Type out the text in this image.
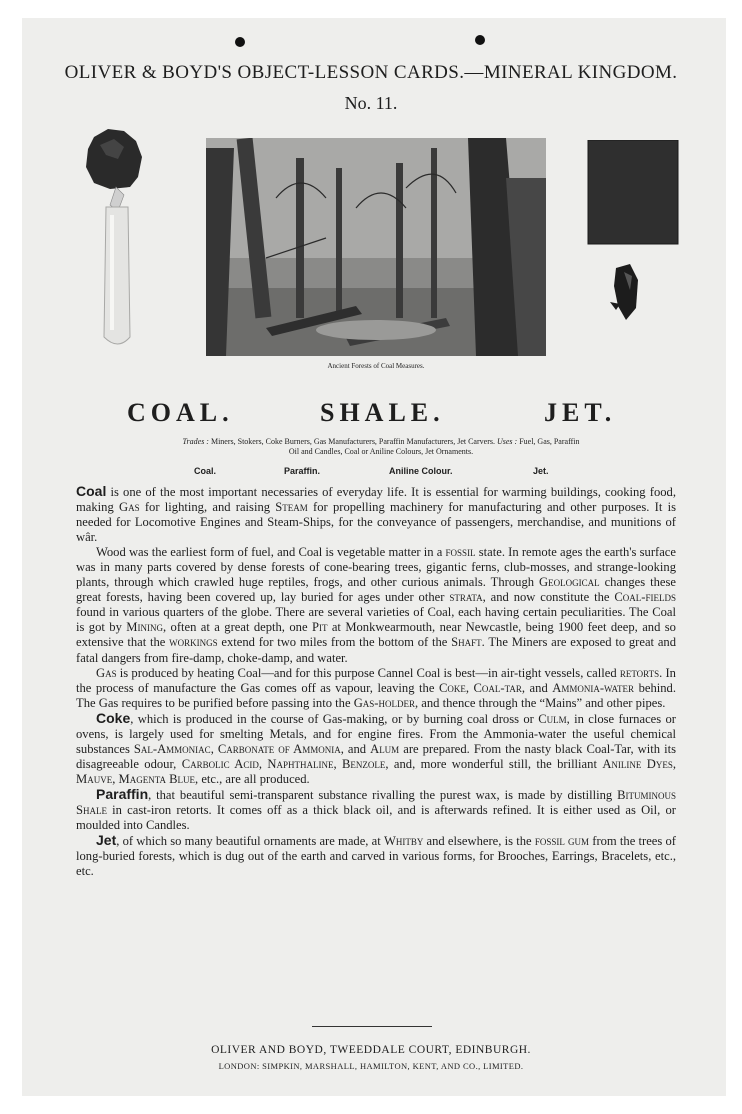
OLIVER & BOYD'S OBJECT-LESSON CARDS.—MINERAL KINGDOM.
No. 11.
Ancient Forests of Coal Measures.
COAL.	SHALE.	JET.
Trades : Miners, Stokers, Coke Burners, Gas Manufacturers, Paraffin Manufacturers, Jet Carvers. Uses : Fuel, Gas, Paraffin
Oil and Candles, Coal or Aniline Colours, Jet Ornaments.
Coal.	Paraffin.	Aniline Colour.	Jet.

Coal is one of the most important necessaries of everyday life. It is essential for warming buildings, cooking food, making Gas for lighting, and raising Steam for propelling machinery for manufacturing and other purposes. It is needed for Locomotive Engines and Steam-Ships, for the conveyance of passengers, merchandise, and munitions of wâr.

Wood was the earliest form of fuel, and Coal is vegetable matter in a fossil state. In remote ages the earth's surface was in many parts covered by dense forests of cone-bearing trees, gigantic ferns, club-mosses, and strange-looking plants, through which crawled huge reptiles, frogs, and other curious animals. Through Geological changes these great forests, having been covered up, lay buried for ages under other strata, and now constitute the Coal-fields found in various quarters of the globe. There are several varieties of Coal, each having certain peculiarities. The Coal is got by Mining, often at a great depth, one Pit at Monkwearmouth, near Newcastle, being 1900 feet deep, and so extensive that the workings extend for two miles from the bottom of the Shaft. The Miners are exposed to great and fatal dangers from fire-damp, choke-damp, and water.

Gas is produced by heating Coal—and for this purpose Cannel Coal is best—in air-tight vessels, called retorts. In the process of manufacture the Gas comes off as vapour, leaving the Coke, Coal-tar, and Ammonia-water behind. The Gas requires to be purified before passing into the Gas-holder, and thence through the “Mains” and other pipes.

Coke, which is produced in the course of Gas-making, or by burning coal dross or Culm, in close furnaces or ovens, is largely used for smelting Metals, and for engine fires. From the Ammonia-water the useful chemical substances Sal-Ammoniac, Carbonate of Ammonia, and Alum are prepared. From the nasty black Coal-Tar, with its disagreeable odour, Carbolic Acid, Naphthaline, Benzole, and, more wonderful still, the brilliant Aniline Dyes, Mauve, Magenta Blue, etc., are all produced.

Paraffin, that beautiful semi-transparent substance rivalling the purest wax, is made by distilling Bituminous Shale in cast-iron retorts. It comes off as a thick black oil, and is afterwards refined. It is either used as Oil, or moulded into Candles.

Jet, of which so many beautiful ornaments are made, at Whitby and elsewhere, is the fossil gum from the trees of long-buried forests, which is dug out of the earth and carved in various forms, for Brooches, Earrings, Bracelets, etc., etc.

OLIVER AND BOYD, TWEEDDALE COURT, EDINBURGH.
LONDON: SIMPKIN, MARSHALL, HAMILTON, KENT, AND CO., LIMITED.
